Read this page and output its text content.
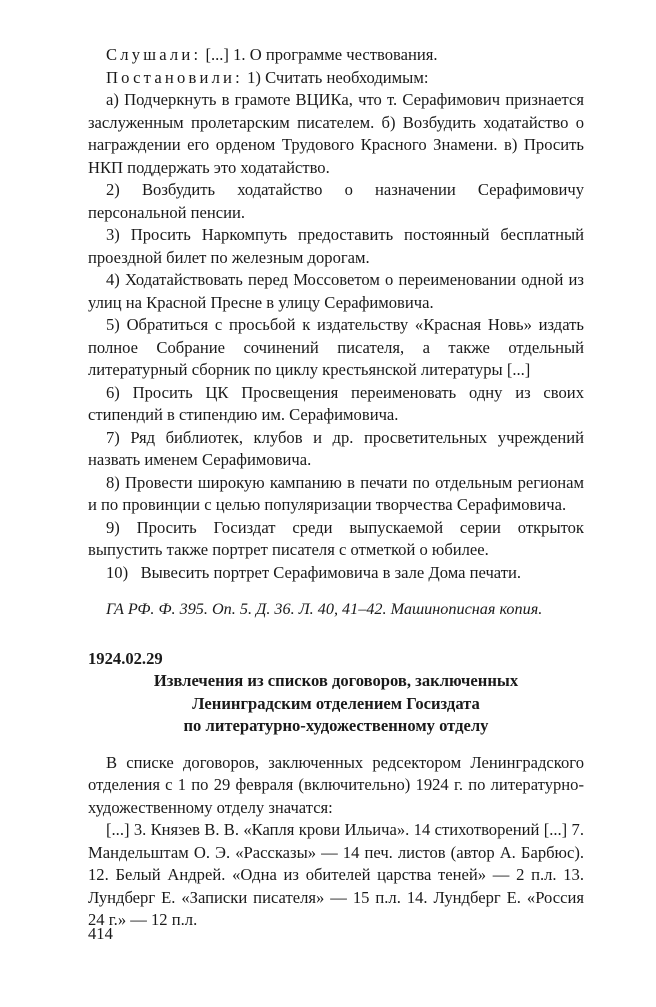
Слушали: [...] 1. О программе чествования.

Постановили: 1) Считать необходимым:

а) Подчеркнуть в грамоте ВЦИКа, что т. Серафимович признается заслуженным пролетарским писателем. б) Возбудить ходатайство о награждении его орденом Трудового Красного Знамени. в) Просить НКП поддержать это ходатайство.

2) Возбудить ходатайство о назначении Серафимовичу персональной пенсии.

3) Просить Наркомпуть предоставить постоянный бесплатный проездной билет по железным дорогам.

4) Ходатайствовать перед Моссоветом о переименовании одной из улиц на Красной Пресне в улицу Серафимовича.

5) Обратиться с просьбой к издательству «Красная Новь» издать полное Собрание сочинений писателя, а также отдельный литературный сборник по циклу крестьянской литературы [...]

6) Просить ЦК Просвещения переименовать одну из своих стипендий в стипендию им. Серафимовича.

7) Ряд библиотек, клубов и др. просветительных учреждений назвать именем Серафимовича.

8) Провести широкую кампанию в печати по отдельным регионам и по провинции с целью популяризации творчества Серафимовича.

9) Просить Госиздат среди выпускаемой серии открыток выпустить также портрет писателя с отметкой о юбилее.

10)   Вывесить портрет Серафимовича в зале Дома печати.

ГА РФ. Ф. 395. Оп. 5. Д. 36. Л. 40, 41–42. Машинописная копия.

1924.02.29

Извлечения из списков договоров, заключенных
Ленинградским отделением Госиздата
по литературно-художественному отделу

В списке договоров, заключенных редсектором Ленинградского отделения с 1 по 29 февраля (включительно) 1924 г. по литературно-художественному отделу значатся:

[...] 3. Князев В. В. «Капля крови Ильича». 14 стихотворений [...] 7. Мандельштам О. Э. «Рассказы» — 14 печ. листов (автор А. Барбюс). 12. Белый Андрей. «Одна из обителей царства теней» — 2 п.л. 13. Лундберг Е. «Записки писателя» — 15 п.л. 14. Лундберг Е. «Россия 24 г.» — 12 п.л.

414
